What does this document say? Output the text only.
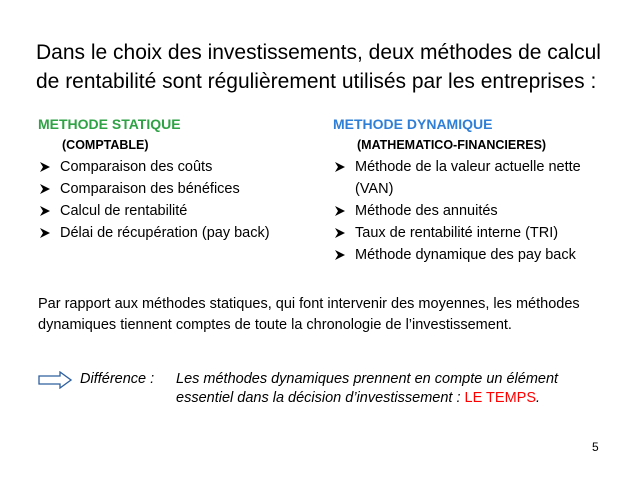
Dans le choix des investissements, deux méthodes de calcul de rentabilité sont régulièrement utilisés par les entreprises :
METHODE STATIQUE
(COMPTABLE)
Comparaison des coûts
Comparaison des bénéfices
Calcul de rentabilité
Délai de récupération (pay back)
METHODE DYNAMIQUE
(MATHEMATICO-FINANCIERES)
Méthode de la valeur actuelle nette (VAN)
Méthode des annuités
Taux de rentabilité interne (TRI)
Méthode dynamique des pay back
Par rapport aux méthodes statiques, qui font intervenir des moyennes, les méthodes dynamiques tiennent comptes de toute la chronologie de l’investissement.
Différence : Les méthodes dynamiques prennent en compte un élément
essentiel dans la décision d’investissement : LE TEMPS.
5
